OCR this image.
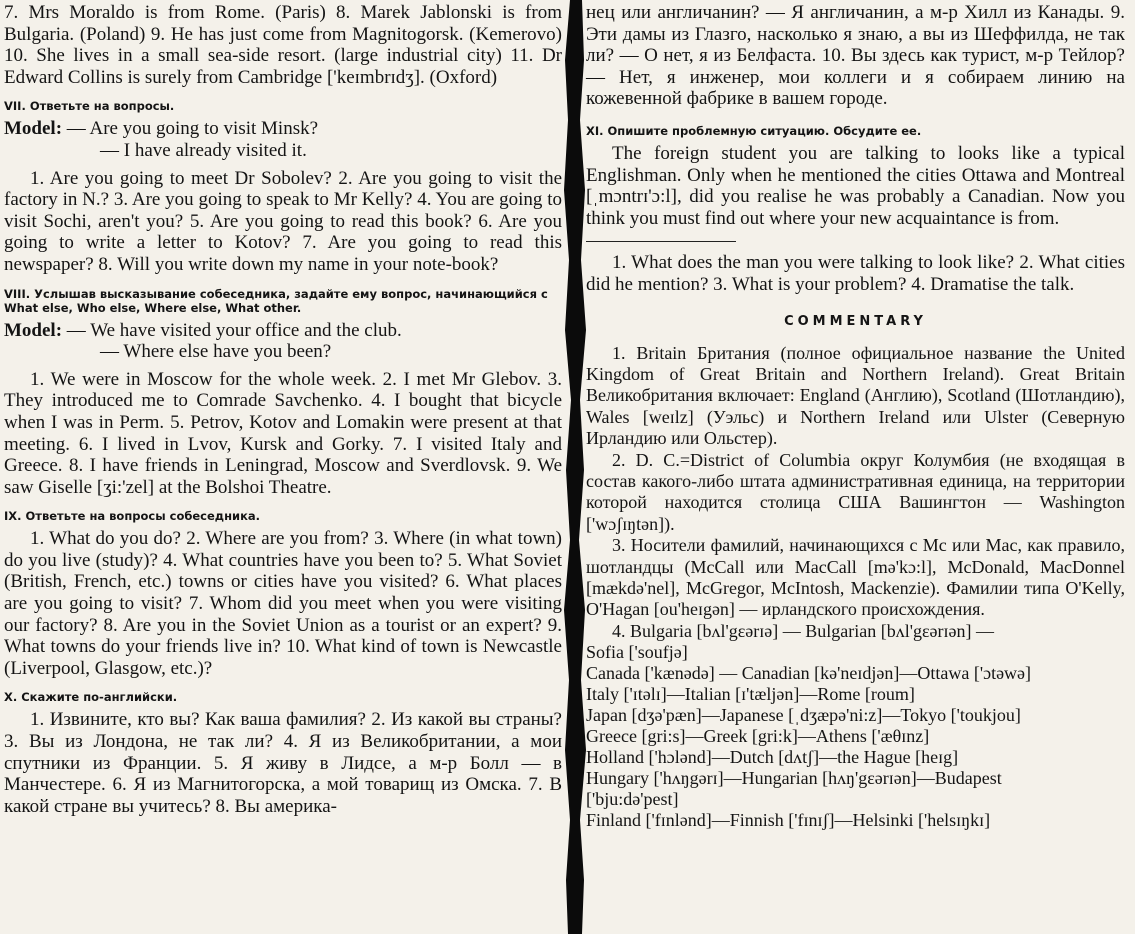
7. Mrs Moraldo is from Rome. (Paris) 8. Marek Jablonski is from Bulgaria. (Poland) 9. He has just come from Magnitogorsk. (Kemerovo) 10. She lives in a small sea-side resort. (large industrial city) 11. Dr Edward Collins is surely from Cambridge ['keɪmbrɪdʒ]. (Oxford)

VII. Ответьте на вопросы.
Model: — Are you going to visit Minsk?
— I have already visited it.

1. Are you going to meet Dr Sobolev? 2. Are you going to visit the factory in N.? 3. Are you going to speak to Mr Kelly? 4. You are going to visit Sochi, aren't you? 5. Are you going to read this book? 6. Are you going to write a letter to Kotov? 7. Are you going to read this newspaper? 8. Will you write down my name in your note-book?

VIII. Услышав высказывание собеседника, задайте ему вопрос, начинающийся с What else, Who else, Where else, What other.
Model: — We have visited your office and the club.
— Where else have you been?

1. We were in Moscow for the whole week. 2. I met Mr Glebov. 3. They introduced me to Comrade Savchenko. 4. I bought that bicycle when I was in Perm. 5. Petrov, Kotov and Lomakin were present at that meeting. 6. I lived in Lvov, Kursk and Gorky. 7. I visited Italy and Greece. 8. I have friends in Leningrad, Moscow and Sverdlovsk. 9. We saw Giselle [ʒi:'zel] at the Bolshoi Theatre.

IX. Ответьте на вопросы собеседника.

1. What do you do? 2. Where are you from? 3. Where (in what town) do you live (study)? 4. What countries have you been to? 5. What Soviet (British, French, etc.) towns or cities have you visited? 6. What places are you going to visit? 7. Whom did you meet when you were visiting our factory? 8. Are you in the Soviet Union as a tourist or an expert? 9. What towns do your friends live in? 10. What kind of town is Newcastle (Liverpool, Glasgow, etc.)?

X. Скажите по-английски.

1. Извините, кто вы? Как ваша фамилия? 2. Из какой вы страны? 3. Вы из Лондона, не так ли? 4. Я из Великобритании, а мои спутники из Франции. 5. Я живу в Лидсе, а м-р Болл — в Манчестере. 6. Я из Магнитогорска, а мой товарищ из Омска. 7. В какой стране вы учитесь? 8. Вы америка-

нец или англичанин? — Я англичанин, а м-р Хилл из Канады. 9. Эти дамы из Глазго, насколько я знаю, а вы из Шеффилда, не так ли? — О нет, я из Белфаста. 10. Вы здесь как турист, м-р Тейлор? — Нет, я инженер, мои коллеги и я собираем линию на кожевенной фабрике в вашем городе.

XI. Опишите проблемную ситуацию. Обсудите ее.

The foreign student you are talking to looks like a typical Englishman. Only when he mentioned the cities Ottawa and Montreal [ˌmɔntrɪ'ɔ:l], did you realise he was probably a Canadian. Now you think you must find out where your new acquaintance is from.

1. What does the man you were talking to look like? 2. What cities did he mention? 3. What is your problem? 4. Dramatise the talk.

COMMENTARY

1. Britain Британия (полное официальное название the United Kingdom of Great Britain and Northern Ireland). Great Britain Великобритания включает: England (Англию), Scotland (Шотландию), Wales [weɪlz] (Уэльс) и Northern Ireland или Ulster (Северную Ирландию или Ольстер).

2. D. C.=District of Columbia округ Колумбия (не входящая в состав какого-либо штата административная единица, на территории которой находится столица США Вашингтон — Washington ['wɔʃɪŋtən]).

3. Носители фамилий, начинающихся с Mc или Mac, как правило, шотландцы (McCall или MacCall [mə'kɔ:l], McDonald, MacDonnel [mækdə'nel], McGregor, McIntosh, Mackenzie). Фамилии типа O'Kelly, O'Hagan [ou'heɪgən] — ирландского происхождения.

4. Bulgaria [bʌl'gɛərɪə] — Bulgarian [bʌl'gɛərɪən] —
Sofia ['soufjə]
Canada ['kænədə] — Canadian [kə'neɪdjən]—Ottawa ['ɔtəwə]
Italy ['ɪtəlɪ]—Italian [ɪ'tæljən]—Rome [roum]
Japan [dʒə'pæn]—Japanese [ˌdʒæpə'ni:z]—Tokyo ['toukjou]
Greece [gri:s]—Greek [gri:k]—Athens ['æθɪnz]
Holland ['hɔlənd]—Dutch [dʌtʃ]—the Hague [heɪg]
Hungary ['hʌŋgərɪ]—Hungarian [hʌŋ'gɛərɪən]—Budapest
['bju:də'pest]
Finland ['fɪnlənd]—Finnish ['fɪnɪʃ]—Helsinki ['helsɪŋkɪ]
